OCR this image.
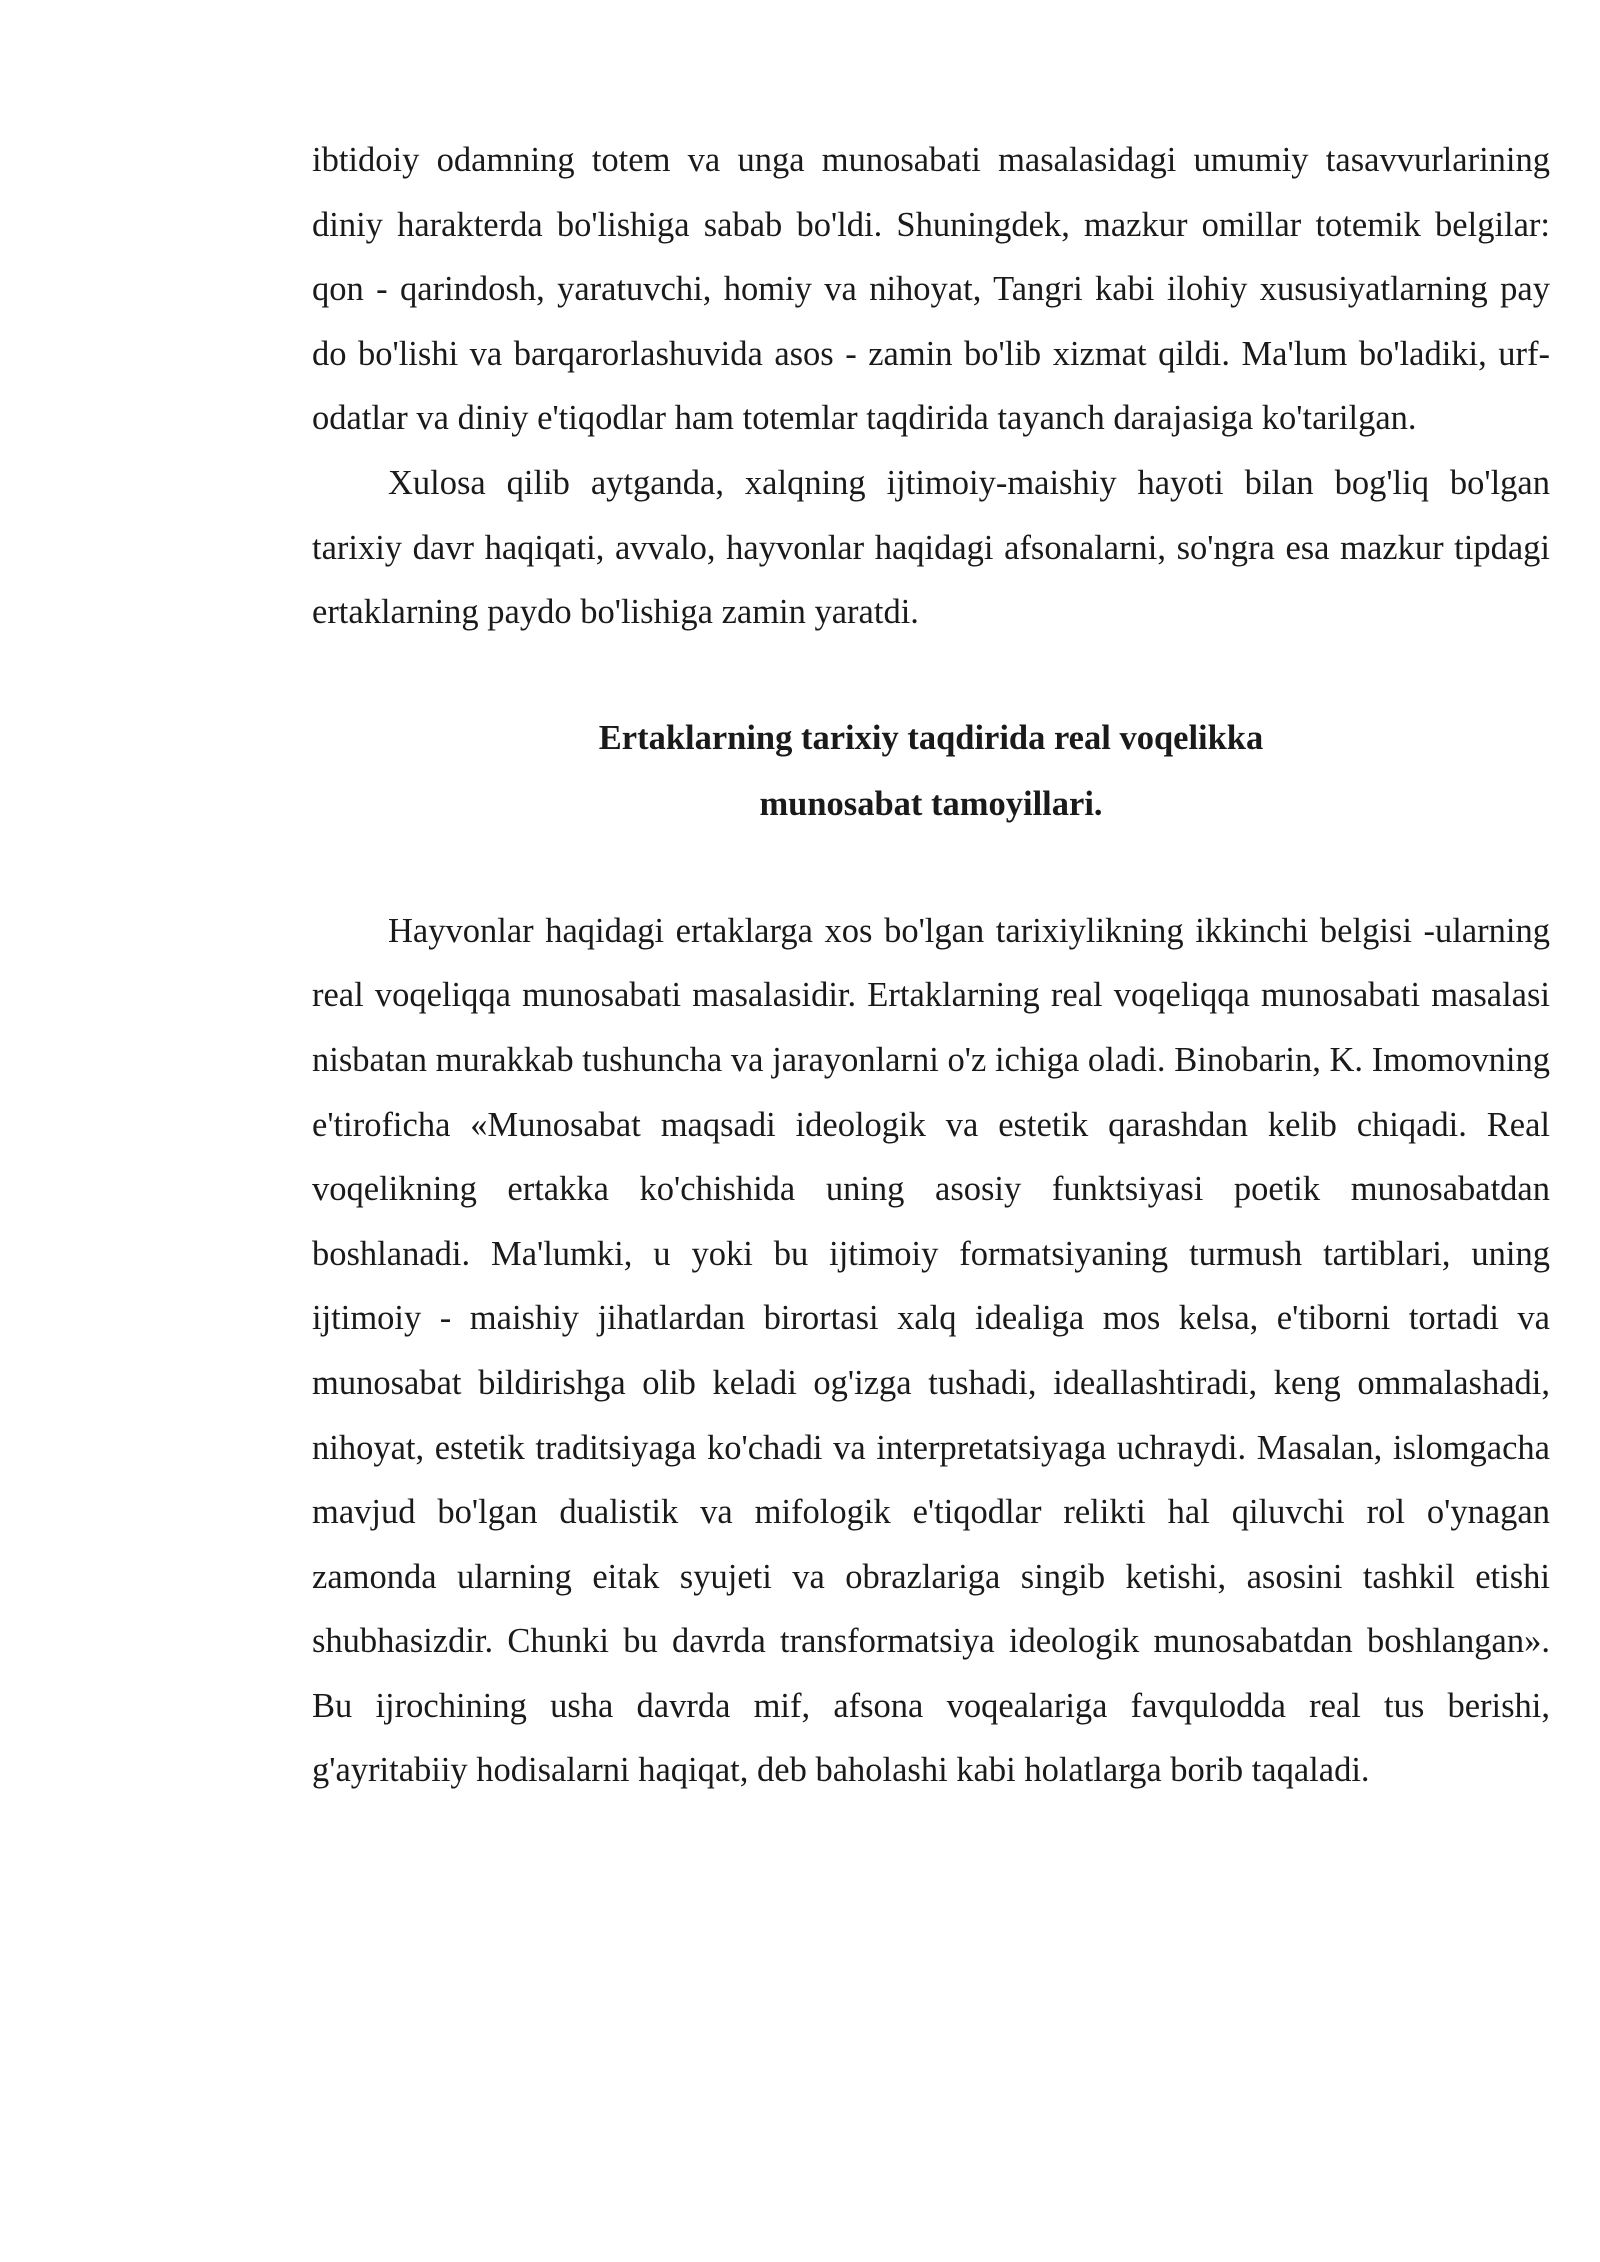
ibtidoiy odamning totem va unga munosabati masalasidagi umumiy tasavvurlarining diniy harakterda bo'lishiga sabab bo'ldi. Shuningdek, mazkur omillar totemik belgilar: qon - qarindosh, yaratuvchi, homiy va nihoyat, Tangri kabi ilohiy xususiyatlarning pay do bo'lishi va barqarorlashuvida asos - zamin bo'lib xizmat qildi. Ma'lum bo'ladiki, urf-odatlar va diniy e'tiqodlar ham totemlar taqdirida tayanch darajasiga ko'tarilgan.

Xulosa qilib aytganda, xalqning ijtimoiy-maishiy hayoti bilan bog'liq bo'lgan tarixiy davr haqiqati, avvalo, hayvonlar haqidagi afsonalarni, so'ngra esa mazkur tipdagi ertaklarning paydo bo'lishiga zamin yaratdi.

Ertaklarning tarixiy taqdirida real voqelikka
munosabat tamoyillari.

Hayvonlar haqidagi ertaklarga xos bo'lgan tarixiylikning ikkinchi belgisi -ularning real voqeliqqa munosabati masalasidir. Ertaklarning real voqeliqqa munosabati masalasi nisbatan murakkab tushuncha va jarayonlarni o'z ichiga oladi. Binobarin, K. Imomovning e'tiroficha «Munosabat maqsadi ideologik va estetik qarashdan kelib chiqadi. Real voqelikning ertakka ko'chishida uning asosiy funktsiyasi poetik munosabatdan boshlanadi. Ma'lumki, u yoki bu ijtimoiy formatsiyaning turmush tartiblari, uning ijtimoiy - maishiy jihatlardan birortasi xalq idealiga mos kelsa, e'tiborni tortadi va munosabat bildirishga olib keladi og'izga tushadi, ideallashtiradi, keng ommalashadi, nihoyat, estetik traditsiyaga ko'chadi va interpretatsiyaga uchraydi. Masalan, islomgacha mavjud bo'lgan dualistik va mifologik e'tiqodlar relikti hal qiluvchi rol o'ynagan zamonda ularning eitak syujeti va obrazlariga singib ketishi, asosini tashkil etishi shubhasizdir. Chunki bu davrda transformatsiya ideologik munosabatdan boshlangan». Bu ijrochining usha davrda mif, afsona voqealariga favqulodda real tus berishi, g'ayritabiiy hodisalarni haqiqat, deb baholashi kabi holatlarga borib taqaladi.
